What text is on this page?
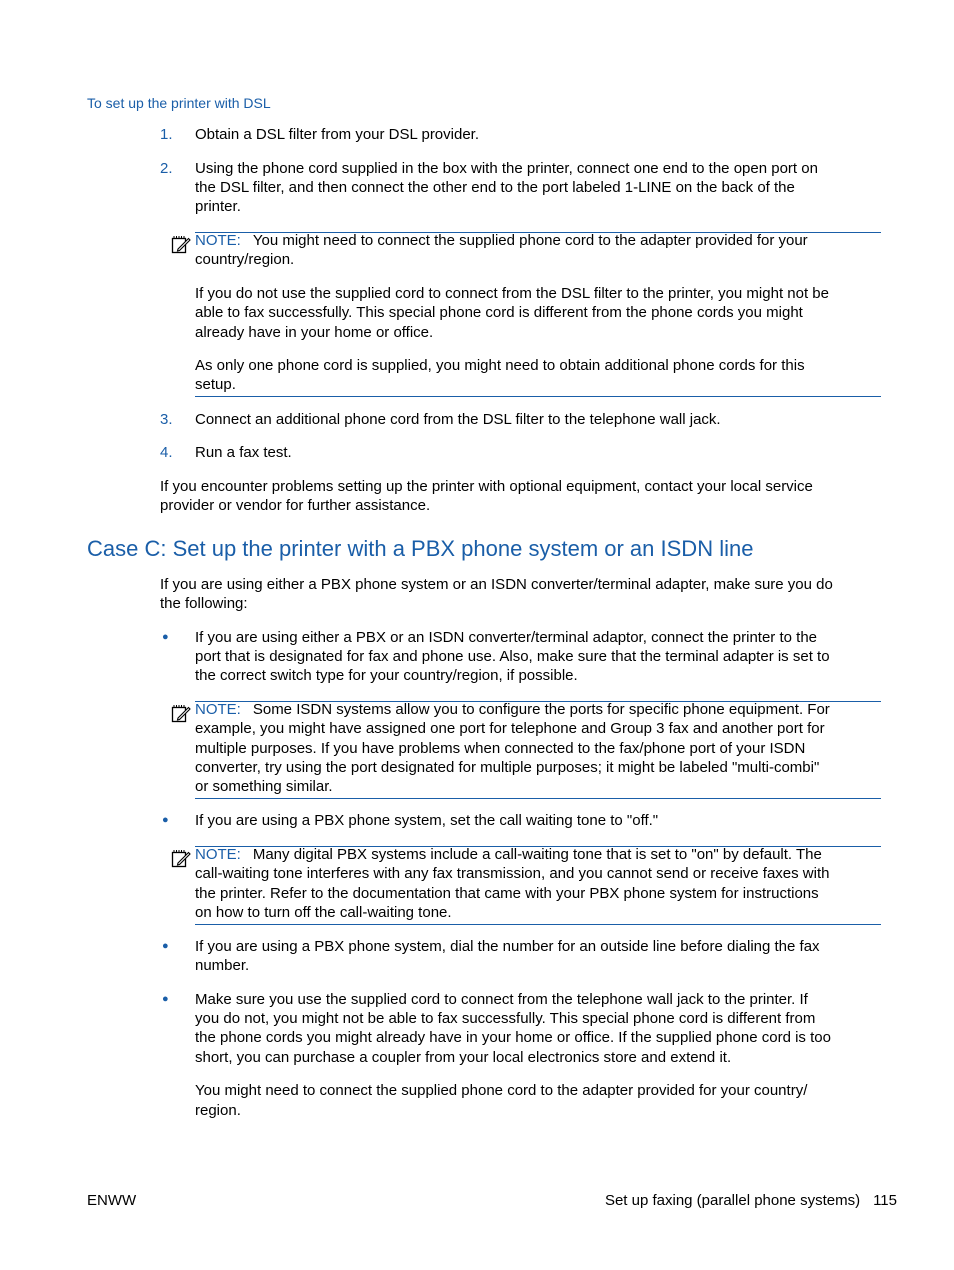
To set up the printer with DSL
1. Obtain a DSL filter from your DSL provider.

2. Using the phone cord supplied in the box with the printer, connect one end to the open port on

the DSL filter, and then connect the other end to the port labeled 1-LINE on the back of the

printer.

NOTE: You might need to connect the supplied phone cord to the adapter provided for your

country/region.

If you do not use the supplied cord to connect from the DSL filter to the printer, you might not be

able to fax successfully. This special phone cord is different from the phone cords you might

already have in your home or office.

As only one phone cord is supplied, you might need to obtain additional phone cords for this

setup.

3. Connect an additional phone cord from the DSL filter to the telephone wall jack.

4. Run a fax test.

If you encounter problems setting up the printer with optional equipment, contact your local service

provider or vendor for further assistance.

Case C: Set up the printer with a PBX phone system or an ISDN line

If you are using either a PBX phone system or an ISDN converter/terminal adapter, make sure you do

the following:

● If you are using either a PBX or an ISDN converter/terminal adaptor, connect the printer to the

port that is designated for fax and phone use. Also, make sure that the terminal adapter is set to

the correct switch type for your country/region, if possible.

NOTE: Some ISDN systems allow you to configure the ports for specific phone equipment. For

example, you might have assigned one port for telephone and Group 3 fax and another port for

multiple purposes. If you have problems when connected to the fax/phone port of your ISDN

converter, try using the port designated for multiple purposes; it might be labeled "multi-combi"

or something similar.

● If you are using a PBX phone system, set the call waiting tone to "off."

NOTE: Many digital PBX systems include a call-waiting tone that is set to "on" by default. The

call-waiting tone interferes with any fax transmission, and you cannot send or receive faxes with

the printer. Refer to the documentation that came with your PBX phone system for instructions

on how to turn off the call-waiting tone.

● If you are using a PBX phone system, dial the number for an outside line before dialing the fax

number.

● Make sure you use the supplied cord to connect from the telephone wall jack to the printer. If

you do not, you might not be able to fax successfully. This special phone cord is different from

the phone cords you might already have in your home or office. If the supplied phone cord is too

short, you can purchase a coupler from your local electronics store and extend it.

You might need to connect the supplied phone cord to the adapter provided for your country/

region.

ENWW	Set up faxing (parallel phone systems) 115
